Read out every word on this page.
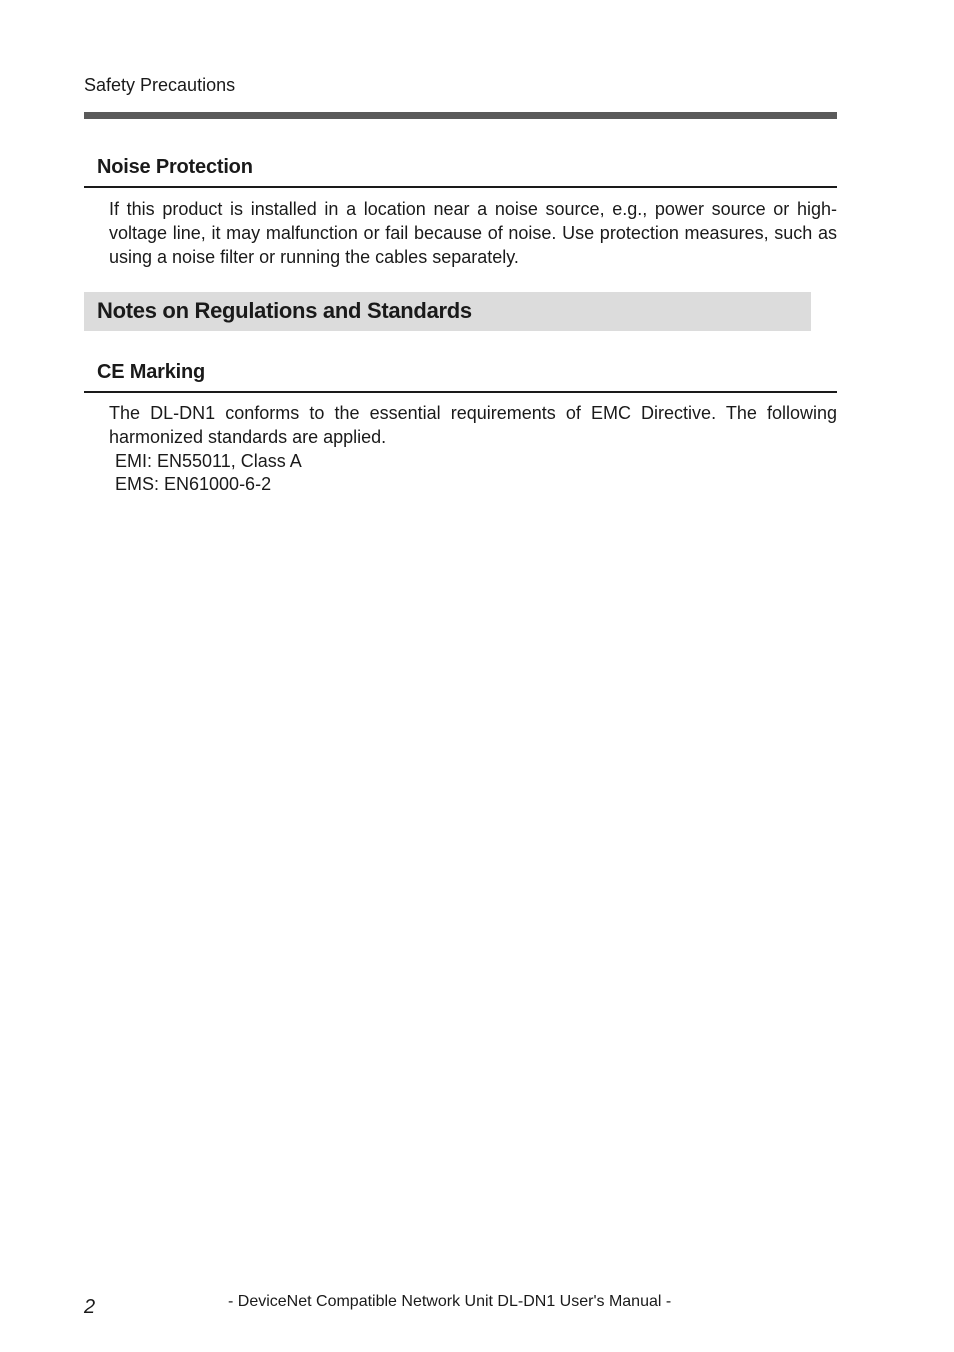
Safety Precautions
Noise Protection
If this product is installed in a location near a noise source, e.g., power source or high-voltage line, it may malfunction or fail because of noise. Use protection measures, such as using a noise filter or running the cables separately.
Notes on Regulations and Standards
CE Marking
The DL-DN1 conforms to the essential requirements of EMC Directive. The following harmonized standards are applied.
EMI: EN55011, Class A
EMS: EN61000-6-2
2	- DeviceNet Compatible Network Unit DL-DN1 User's Manual -
